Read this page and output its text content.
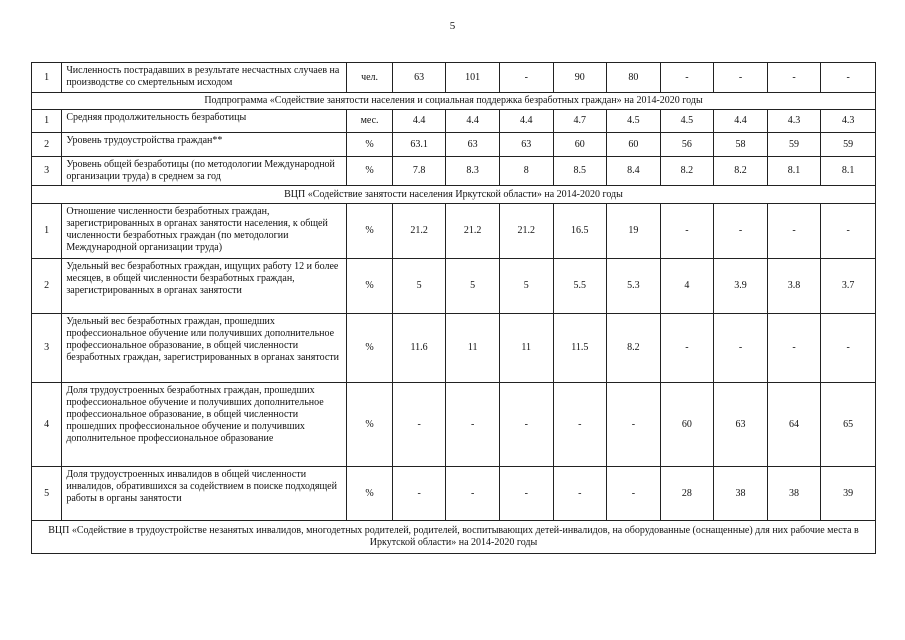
5
1	Численность пострадавших в результате несчастных случаев на производстве со смертельным исходом	чел.	63	101	-	90	80	-	-	-	-
Подпрограмма «Содействие занятости населения и социальная поддержка безработных граждан» на 2014-2020 годы											
1	Средняя продолжительность безработицы	мес.	4.4	4.4	4.4	4.7	4.5	4.5	4.4	4.3	4.3
2	Уровень трудоустройства граждан**	%	63.1	63	63	60	60	56	58	59	59
3	Уровень общей безработицы (по методологии Международной организации труда) в среднем за год	%	7.8	8.3	8	8.5	8.4	8.2	8.2	8.1	8.1
ВЦП «Содействие занятости населения Иркутской области» на 2014-2020 годы											
1	Отношение численности безработных граждан, зарегистрированных в органах занятости населения, к общей численности безработных граждан (по методологии Международной организации труда)	%	21.2	21.2	21.2	16.5	19	-	-	-	-
2	Удельный вес безработных граждан, ищущих работу 12 и более месяцев, в общей численности безработных граждан, зарегистрированных в органах занятости	%	5	5	5	5.5	5.3	4	3.9	3.8	3.7
3	Удельный вес безработных граждан, прошедших профессиональное обучение или получивших дополнительное профессиональное образование, в общей численности безработных граждан, зарегистрированных в органах занятости	%	11.6	11	11	11.5	8.2	-	-	-	-
4	Доля трудоустроенных безработных граждан, прошедших профессиональное обучение и получивших дополнительное профессиональное образование, в общей численности прошедших профессиональное обучение и получивших дополнительное профессиональное образование	%	-	-	-	-	-	60	63	64	65
5	Доля трудоустроенных инвалидов в общей численности инвалидов, обратившихся за содействием в поиске подходящей работы в органы занятости	%	-	-	-	-	-	28	38	38	39
ВЦП «Содействие в трудоустройстве незанятых инвалидов, многодетных родителей, родителей, воспитывающих детей-инвалидов, на оборудованные (оснащенные) для них рабочие места в Иркутской области» на 2014-2020 годы											
